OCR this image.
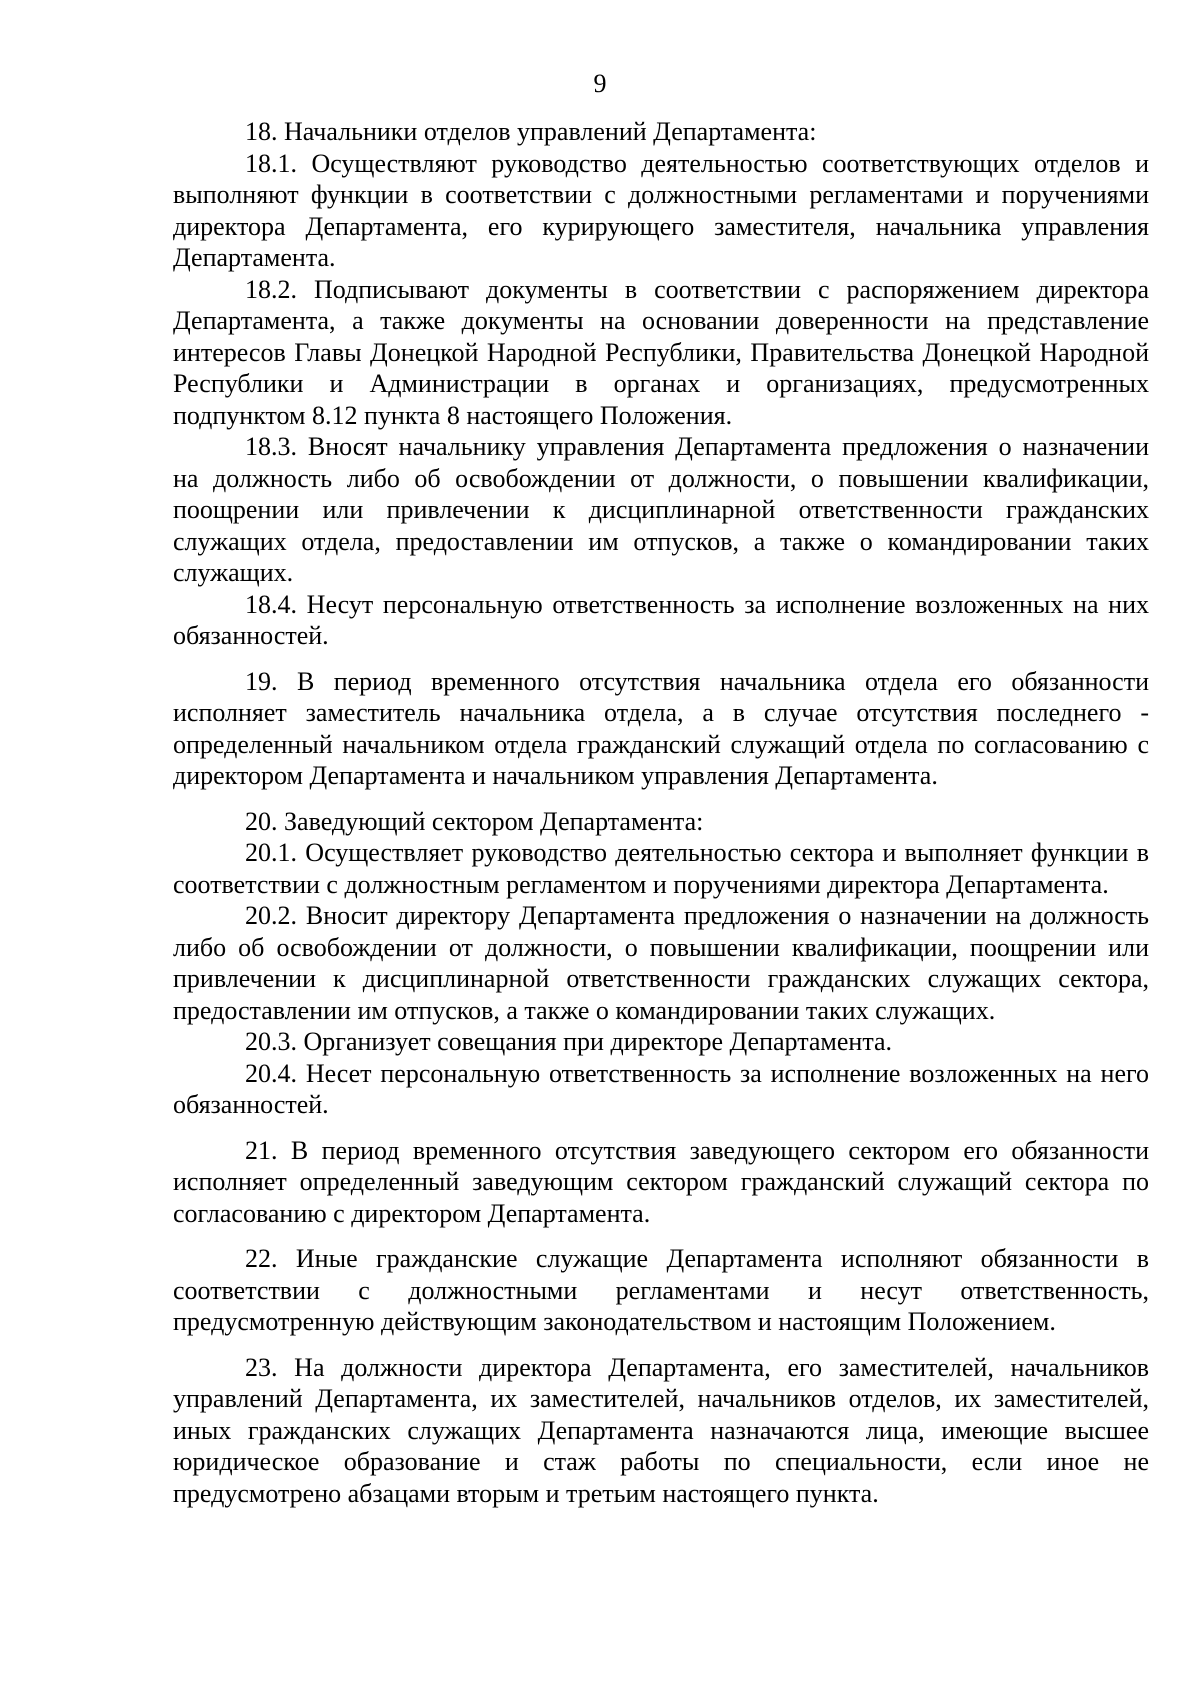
9

18. Начальники отделов управлений Департамента:

18.1. Осуществляют руководство деятельностью соответствующих отделов и выполняют функции в соответствии с должностными регламентами и поручениями директора Департамента, его курирующего заместителя, начальника управления Департамента.

18.2. Подписывают документы в соответствии с распоряжением директора Департамента, а также документы на основании доверенности на представление интересов Главы Донецкой Народной Республики, Правительства Донецкой Народной Республики и Администрации в органах и организациях, предусмотренных подпунктом 8.12 пункта 8 настоящего Положения.

18.3. Вносят начальнику управления Департамента предложения о назначении на должность либо об освобождении от должности, о повышении квалификации, поощрении или привлечении к дисциплинарной ответственности гражданских служащих отдела, предоставлении им отпусков, а также о командировании таких служащих.

18.4. Несут персональную ответственность за исполнение возложенных на них обязанностей.

19. В период временного отсутствия начальника отдела его обязанности исполняет заместитель начальника отдела, а в случае отсутствия последнего - определенный начальником отдела гражданский служащий отдела по согласованию с директором Департамента и начальником управления Департамента.

20. Заведующий сектором Департамента:

20.1. Осуществляет руководство деятельностью сектора и выполняет функции в соответствии с должностным регламентом и поручениями директора Департамента.

20.2. Вносит директору Департамента предложения о назначении на должность либо об освобождении от должности, о повышении квалификации, поощрении или привлечении к дисциплинарной ответственности гражданских служащих сектора, предоставлении им отпусков, а также о командировании таких служащих.

20.3. Организует совещания при директоре Департамента.

20.4. Несет персональную ответственность за исполнение возложенных на него обязанностей.

21. В период временного отсутствия заведующего сектором его обязанности исполняет определенный заведующим сектором гражданский служащий сектора по согласованию с директором Департамента.

22. Иные гражданские служащие Департамента исполняют обязанности в соответствии с должностными регламентами и несут ответственность, предусмотренную действующим законодательством и настоящим Положением.

23. На должности директора Департамента, его заместителей, начальников управлений Департамента, их заместителей, начальников отделов, их заместителей, иных гражданских служащих Департамента назначаются лица, имеющие высшее юридическое образование и стаж работы по специальности, если иное не предусмотрено абзацами вторым и третьим настоящего пункта.
